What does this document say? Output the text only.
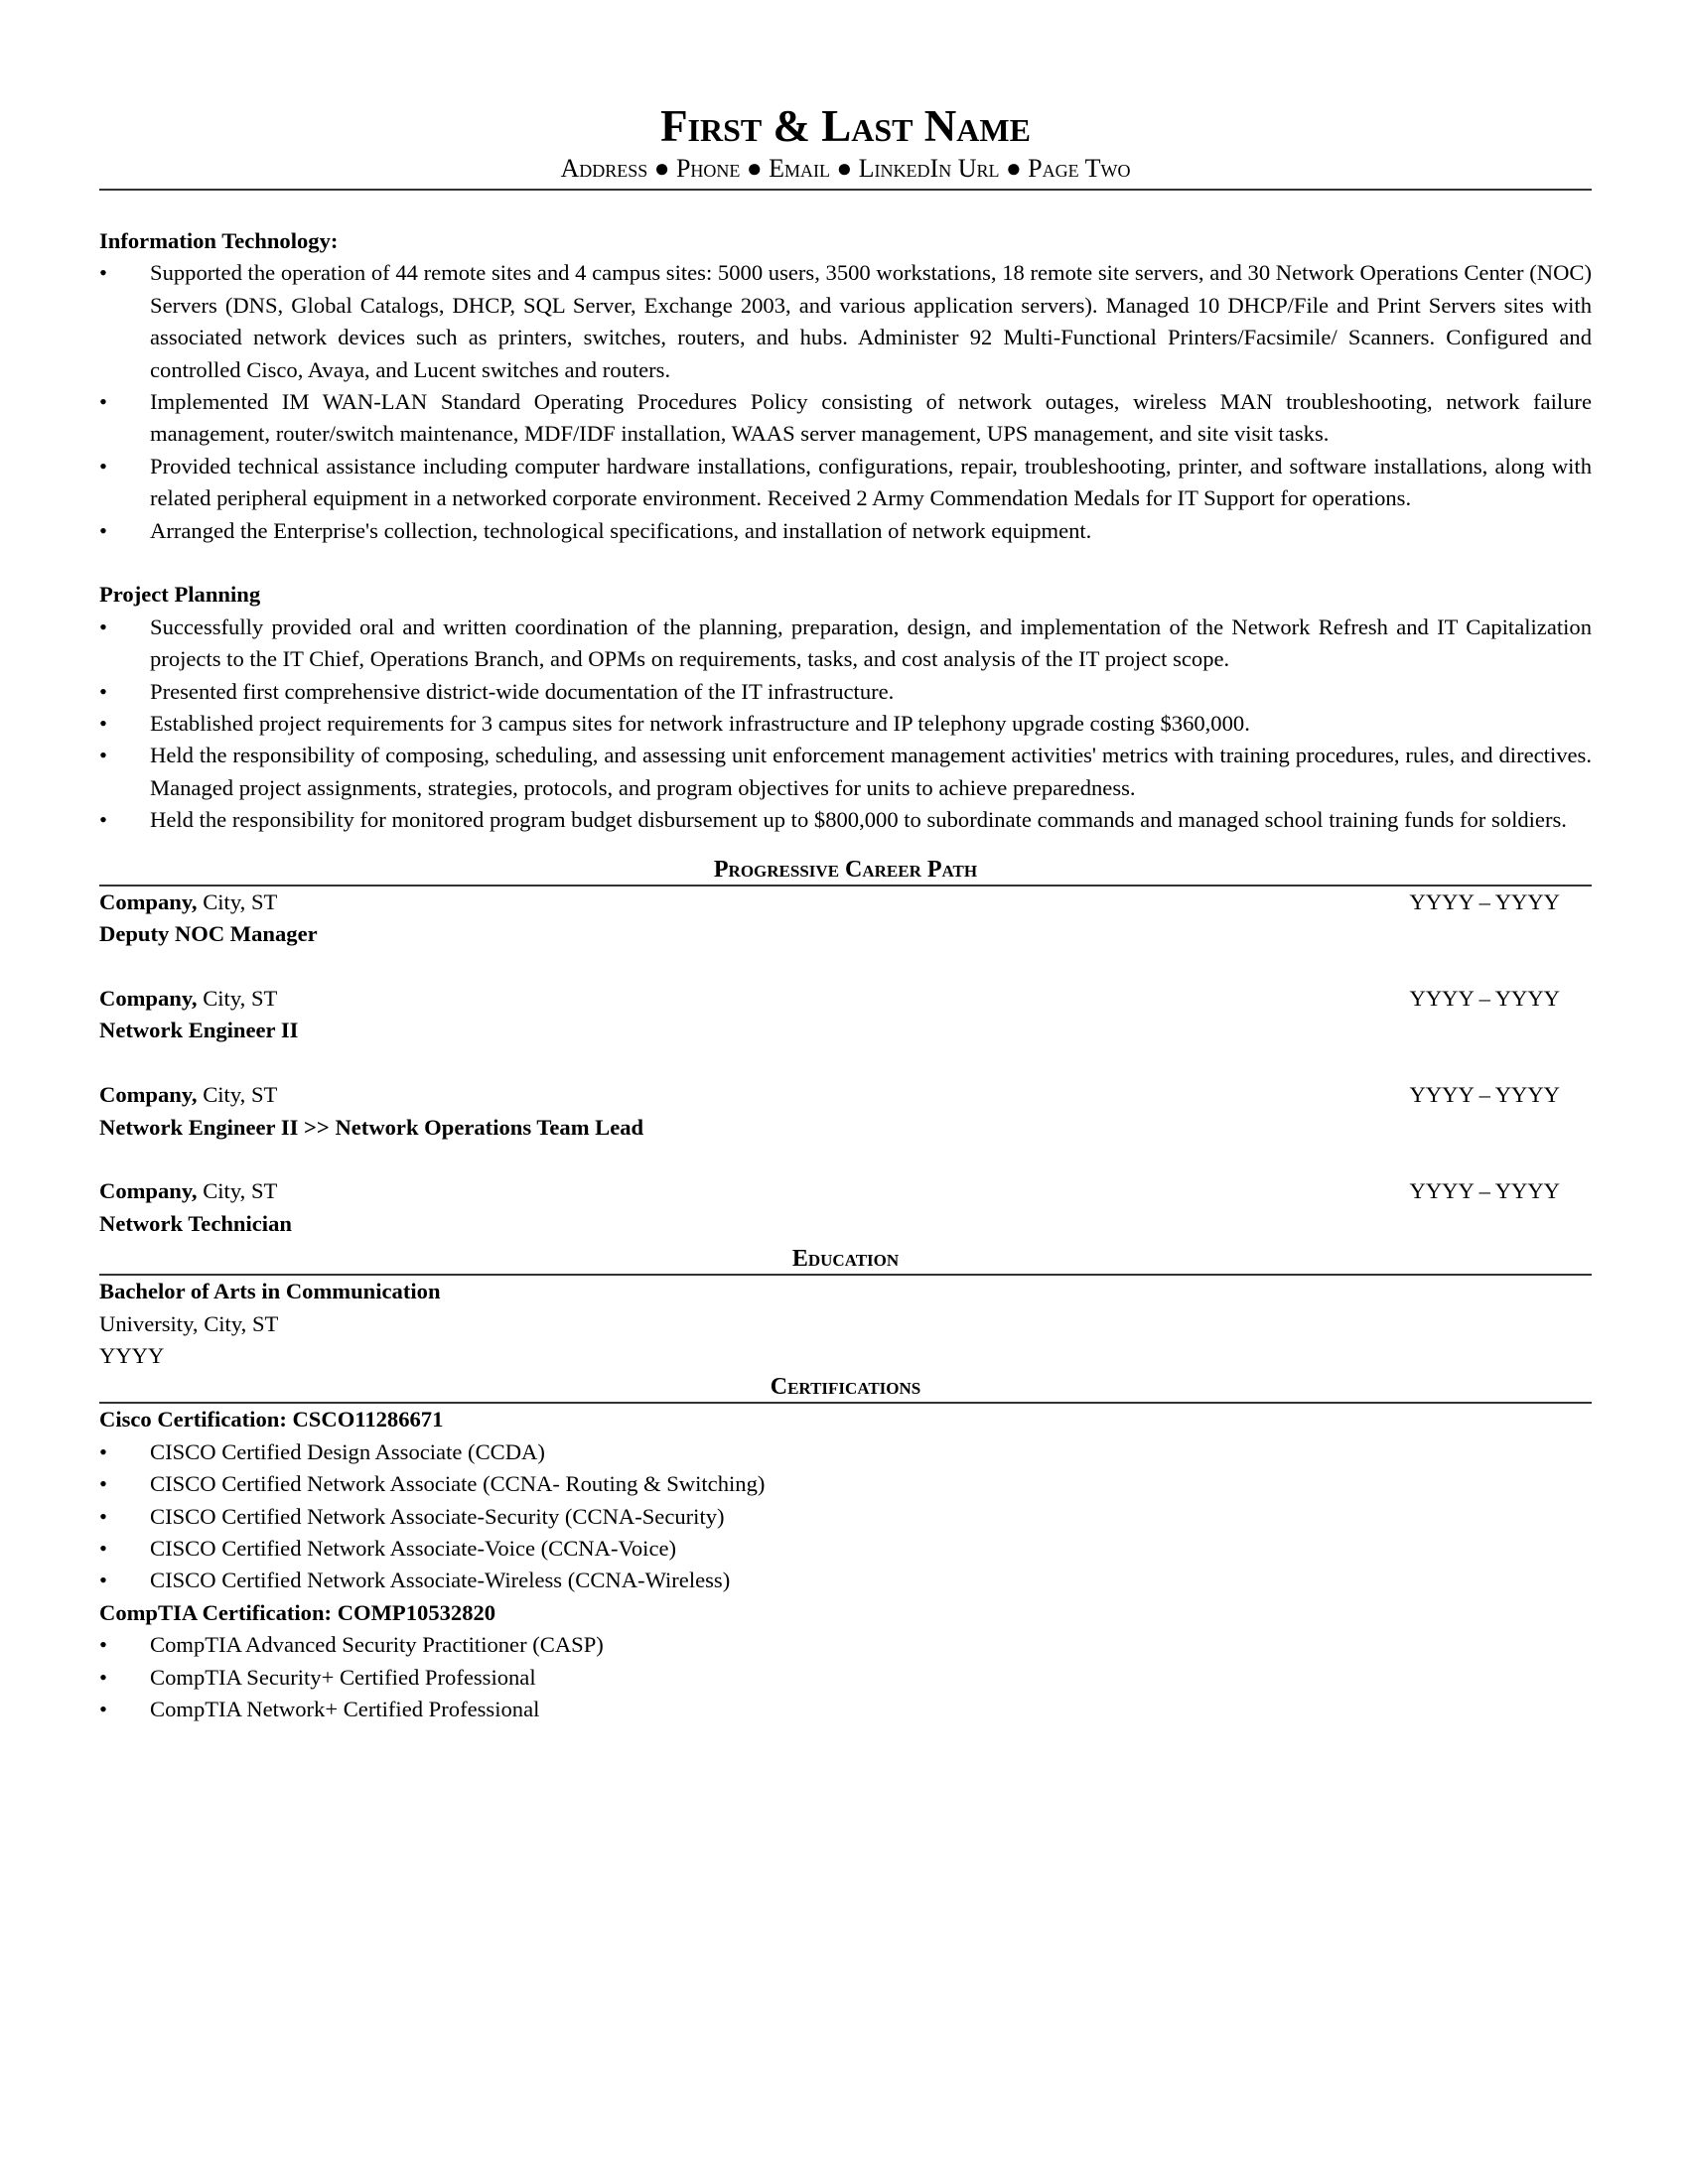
First & Last Name
Address ● Phone ● Email ● LinkedIn Url ● Page Two
Information Technology:
• Supported the operation of 44 remote sites and 4 campus sites: 5000 users, 3500 workstations, 18 remote site servers, and 30 Network Operations Center (NOC) Servers (DNS, Global Catalogs, DHCP, SQL Server, Exchange 2003, and various application servers). Managed 10 DHCP/File and Print Servers sites with associated network devices such as printers, switches, routers, and hubs. Administer 92 Multi-Functional Printers/Facsimile/ Scanners. Configured and controlled Cisco, Avaya, and Lucent switches and routers.
• Implemented IM WAN-LAN Standard Operating Procedures Policy consisting of network outages, wireless MAN troubleshooting, network failure management, router/switch maintenance, MDF/IDF installation, WAAS server management, UPS management, and site visit tasks.
• Provided technical assistance including computer hardware installations, configurations, repair, troubleshooting, printer, and software installations, along with related peripheral equipment in a networked corporate environment. Received 2 Army Commendation Medals for IT Support for operations.
• Arranged the Enterprise's collection, technological specifications, and installation of network equipment.
Project Planning
• Successfully provided oral and written coordination of the planning, preparation, design, and implementation of the Network Refresh and IT Capitalization projects to the IT Chief, Operations Branch, and OPMs on requirements, tasks, and cost analysis of the IT project scope.
• Presented first comprehensive district-wide documentation of the IT infrastructure.
• Established project requirements for 3 campus sites for network infrastructure and IP telephony upgrade costing $360,000.
• Held the responsibility of composing, scheduling, and assessing unit enforcement management activities' metrics with training procedures, rules, and directives. Managed project assignments, strategies, protocols, and program objectives for units to achieve preparedness.
• Held the responsibility for monitored program budget disbursement up to $800,000 to subordinate commands and managed school training funds for soldiers.
Progressive Career Path
Company, City, ST	YYYY – YYYY
Deputy NOC Manager
Company, City, ST	YYYY – YYYY
Network Engineer II
Company, City, ST	YYYY – YYYY
Network Engineer II >> Network Operations Team Lead
Company, City, ST	YYYY – YYYY
Network Technician
Education
Bachelor of Arts in Communication
University, City, ST
YYYY
Certifications
Cisco Certification: CSCO11286671
• CISCO Certified Design Associate (CCDA)
• CISCO Certified Network Associate (CCNA- Routing & Switching)
• CISCO Certified Network Associate-Security (CCNA-Security)
• CISCO Certified Network Associate-Voice (CCNA-Voice)
• CISCO Certified Network Associate-Wireless (CCNA-Wireless)
CompTIA Certification: COMP10532820
• CompTIA Advanced Security Practitioner (CASP)
• CompTIA Security+ Certified Professional
• CompTIA Network+ Certified Professional
